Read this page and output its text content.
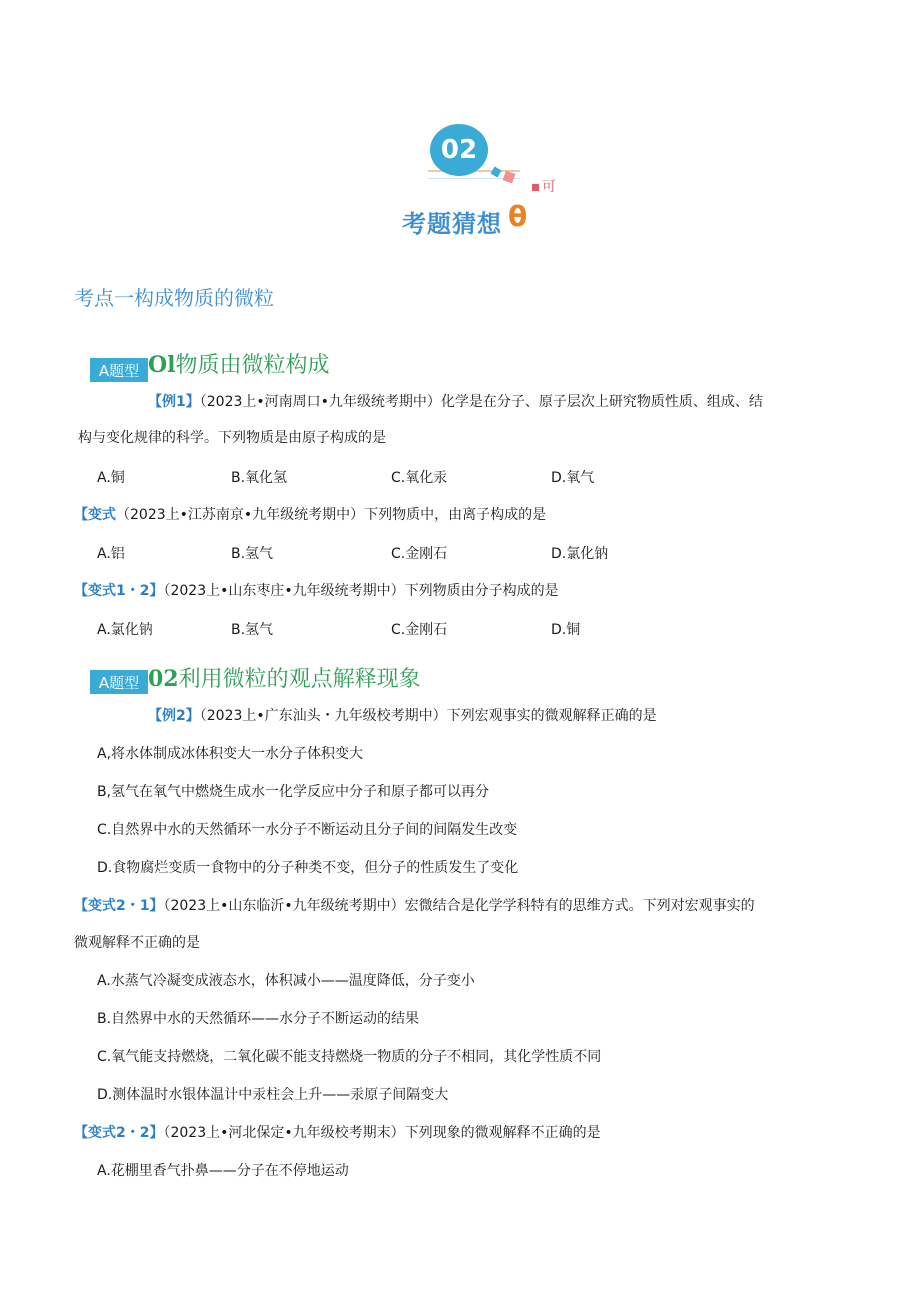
02
可
考题猜想 θ
考点一构成物质的微粒
A题型 Ol物质由微粒构成
【例1】（2023上•河南周口•九年级统考期中）化学是在分子、原子层次上研究物质性质、组成、结
构与变化规律的科学。下列物质是由原子构成的是
A.铜	B.氧化氢	C.氧化汞	D.氧气
【变式（2023上•江苏南京•九年级统考期中）下列物质中，由离子构成的是
A.铝	B.氢气	C.金刚石	D.氯化钠
【变式1・2】（2023上•山东枣庄•九年级统考期中）下列物质由分子构成的是
A.氯化钠	B.氢气	C.金刚石	D.铜
A题型 02利用微粒的观点解释现象
【例2】（2023上•广东汕头・九年级校考期中）下列宏观事实的微观解释正确的是
A,将水体制成冰体积变大一水分子体积变大
B,氢气在氧气中燃烧生成水一化学反应中分子和原子都可以再分
C.自然界中水的天然循环一水分子不断运动且分子间的间隔发生改变
D.食物腐烂变质一食物中的分子种类不变，但分子的性质发生了变化
【变式2・1】（2023上•山东临沂•九年级统考期中）宏微结合是化学学科特有的思维方式。下列对宏观事实的
微观解释不正确的是
A.水蒸气冷凝变成液态水，体积减小——温度降低，分子变小
B.自然界中水的天然循环——水分子不断运动的结果
C.氧气能支持燃烧，二氧化碳不能支持燃烧一物质的分子不相同，其化学性质不同
D.测体温时水银体温计中汞柱会上升——汞原子间隔变大
【变式2・2】（2023上•河北保定•九年级校考期末）下列现象的微观解释不正确的是
A.花棚里香气扑鼻——分子在不停地运动
